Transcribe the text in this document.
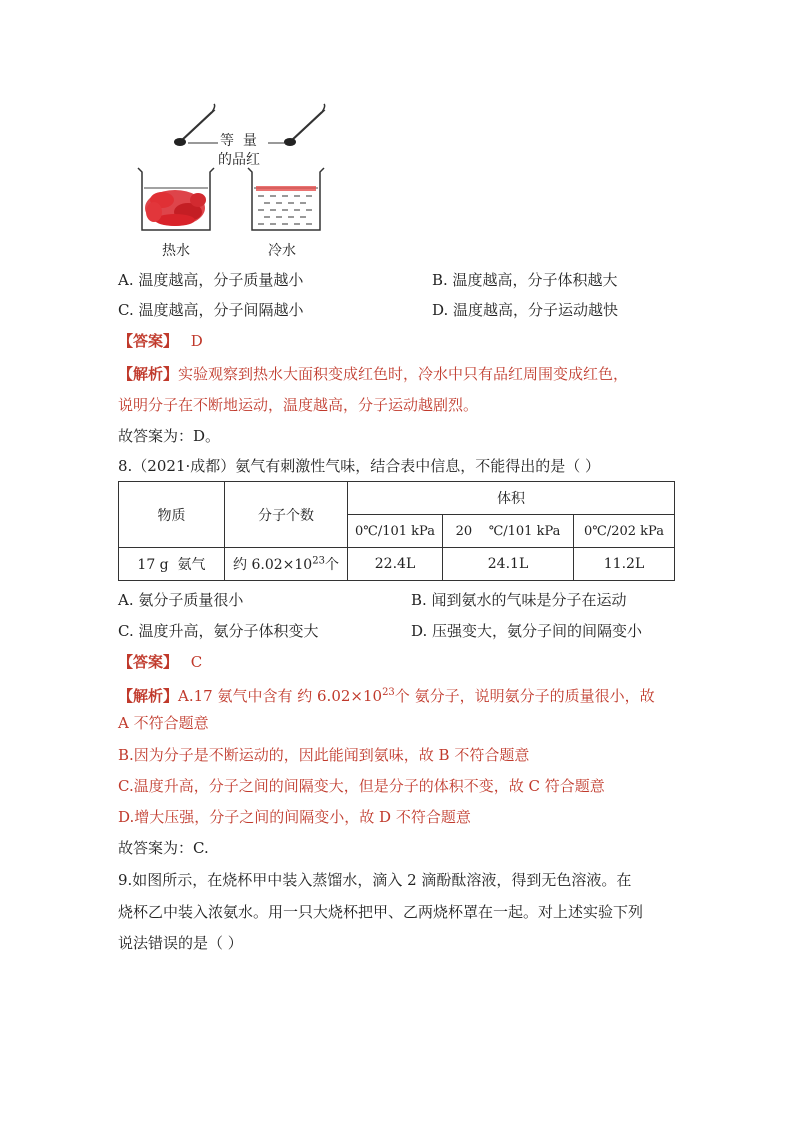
等  量
的品红
热水	冷水
A. 温度越高，分子质量越小	B. 温度越高，分子体积越大
C. 温度越高，分子间隔越小	D. 温度越高，分子运动越快
【答案】 D
【解析】实验观察到热水大面积变成红色时，冷水中只有品红周围变成红色，
说明分子在不断地运动，温度越高，分子运动越剧烈。
故答案为：D。
8.（2021·成都）氨气有刺激性气味，结合表中信息，不能得出的是（ ）
物质	分子个数	体积		
		0℃/101 kPa	20    ℃/101 kPa	0℃/202 kPa
17 g  氨气	约 $6.02\times 10^{23}$个	22.4L	24.1L	11.2L
A. 氨分子质量很小	B. 闻到氨水的气味是分子在运动
C. 温度升高，氨分子体积变大	D. 压强变大，氨分子间的间隔变小
【答案】 C
【解析】A.17 氨气中含有 约 $6.02\times 10^{23}$个 氨分子，说明氨分子的质量很小，故
A 不符合题意
B.因为分子是不断运动的，因此能闻到氨味，故 B 不符合题意
C.温度升高，分子之间的间隔变大，但是分子的体积不变，故 C 符合题意
D.增大压强，分子之间的间隔变小，故 D 不符合题意
故答案为：C.
9.如图所示，在烧杯甲中装入蒸馏水，滴入 2 滴酚酞溶液，得到无色溶液。在
烧杯乙中装入浓氨水。用一只大烧杯把甲、乙两烧杯罩在一起。对上述实验下列
说法错误的是（ ）
